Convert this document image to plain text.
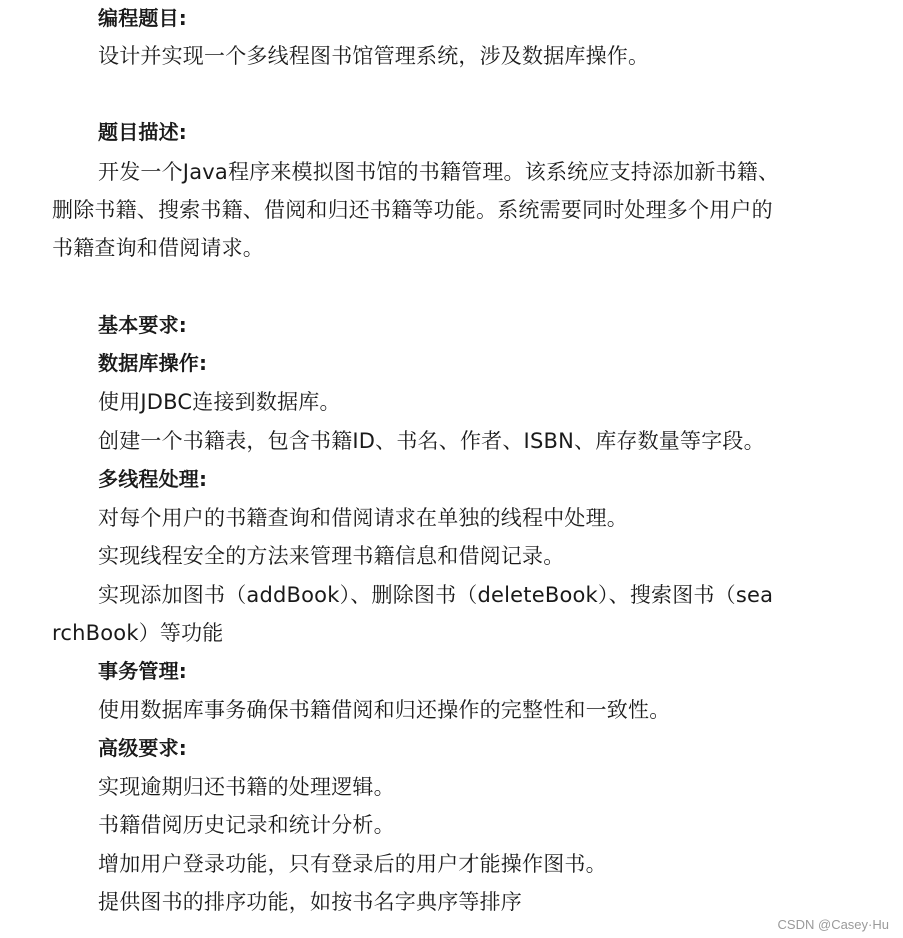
编程题目:
设计并实现一个多线程图书馆管理系统，涉及数据库操作。
题目描述:
开发一个Java程序来模拟图书馆的书籍管理。该系统应支持添加新书籍、
删除书籍、搜索书籍、借阅和归还书籍等功能。系统需要同时处理多个用户的
书籍查询和借阅请求。
基本要求:
数据库操作:
使用JDBC连接到数据库。
创建一个书籍表，包含书籍ID、书名、作者、ISBN、库存数量等字段。
多线程处理:
对每个用户的书籍查询和借阅请求在单独的线程中处理。
实现线程安全的方法来管理书籍信息和借阅记录。
实现添加图书（addBook）、删除图书（deleteBook）、搜索图书（sea
rchBook）等功能
事务管理:
使用数据库事务确保书籍借阅和归还操作的完整性和一致性。
高级要求:
实现逾期归还书籍的处理逻辑。
书籍借阅历史记录和统计分析。
增加用户登录功能，只有登录后的用户才能操作图书。
提供图书的排序功能，如按书名字典序等排序
CSDN @Casey·Hu
